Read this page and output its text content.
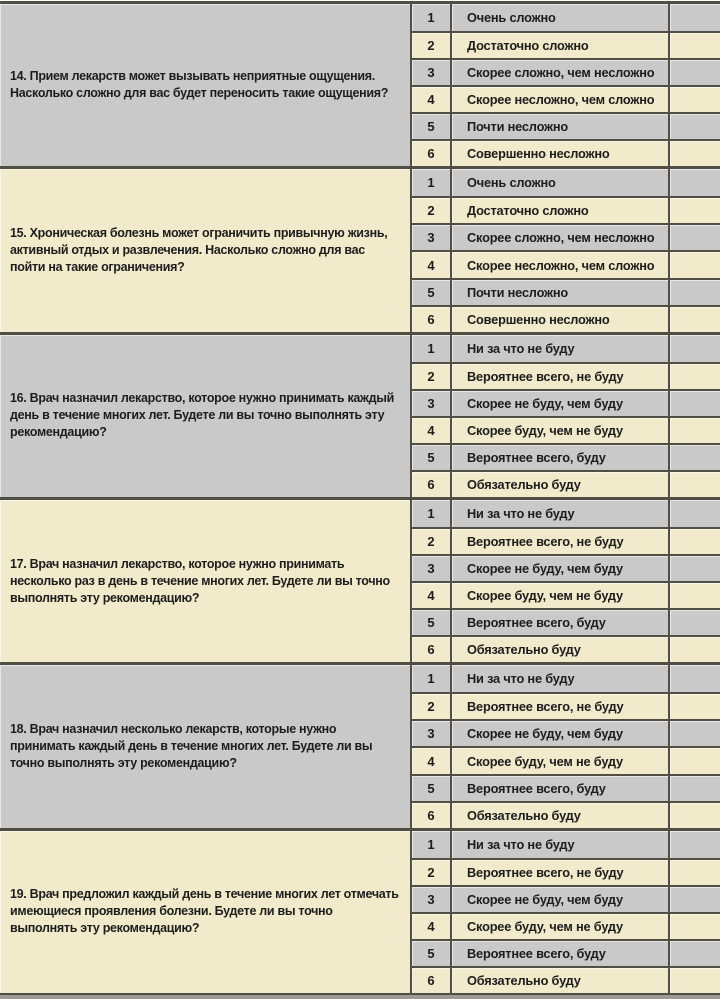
14. Прием лекарств может вызывать неприятные ощущения. Насколько сложно для вас будет переносить такие ощущения?
1	Очень сложно
2	Достаточно сложно
3	Скорее сложно, чем несложно
4	Скорее несложно, чем сложно
5	Почти несложно
6	Совершенно несложно
15. Хроническая болезнь может ограничить привычную жизнь, активный отдых и развлечения. Насколько сложно для вас пойти на такие ограничения?
1	Очень сложно
2	Достаточно сложно
3	Скорее сложно, чем несложно
4	Скорее несложно, чем сложно
5	Почти несложно
6	Совершенно несложно
16. Врач назначил лекарство, которое нужно принимать каждый день в течение многих лет. Будете ли вы точно выполнять эту рекомендацию?
1	Ни за что не буду
2	Вероятнее всего, не буду
3	Скорее не буду, чем буду
4	Скорее буду, чем не буду
5	Вероятнее всего, буду
6	Обязательно буду
17. Врач назначил лекарство, которое нужно принимать несколько раз в день в течение многих лет. Будете ли вы точно выполнять эту рекомендацию?
1	Ни за что не буду
2	Вероятнее всего, не буду
3	Скорее не буду, чем буду
4	Скорее буду, чем не буду
5	Вероятнее всего, буду
6	Обязательно буду
18. Врач назначил несколько лекарств, которые нужно принимать каждый день в течение многих лет. Будете ли вы точно выполнять эту рекомендацию?
1	Ни за что не буду
2	Вероятнее всего, не буду
3	Скорее не буду, чем буду
4	Скорее буду, чем не буду
5	Вероятнее всего, буду
6	Обязательно буду
19. Врач предложил каждый день в течение многих лет отмечать имеющиеся проявления болезни. Будете ли вы точно выполнять эту рекомендацию?
1	Ни за что не буду
2	Вероятнее всего, не буду
3	Скорее не буду, чем буду
4	Скорее буду, чем не буду
5	Вероятнее всего, буду
6	Обязательно буду
